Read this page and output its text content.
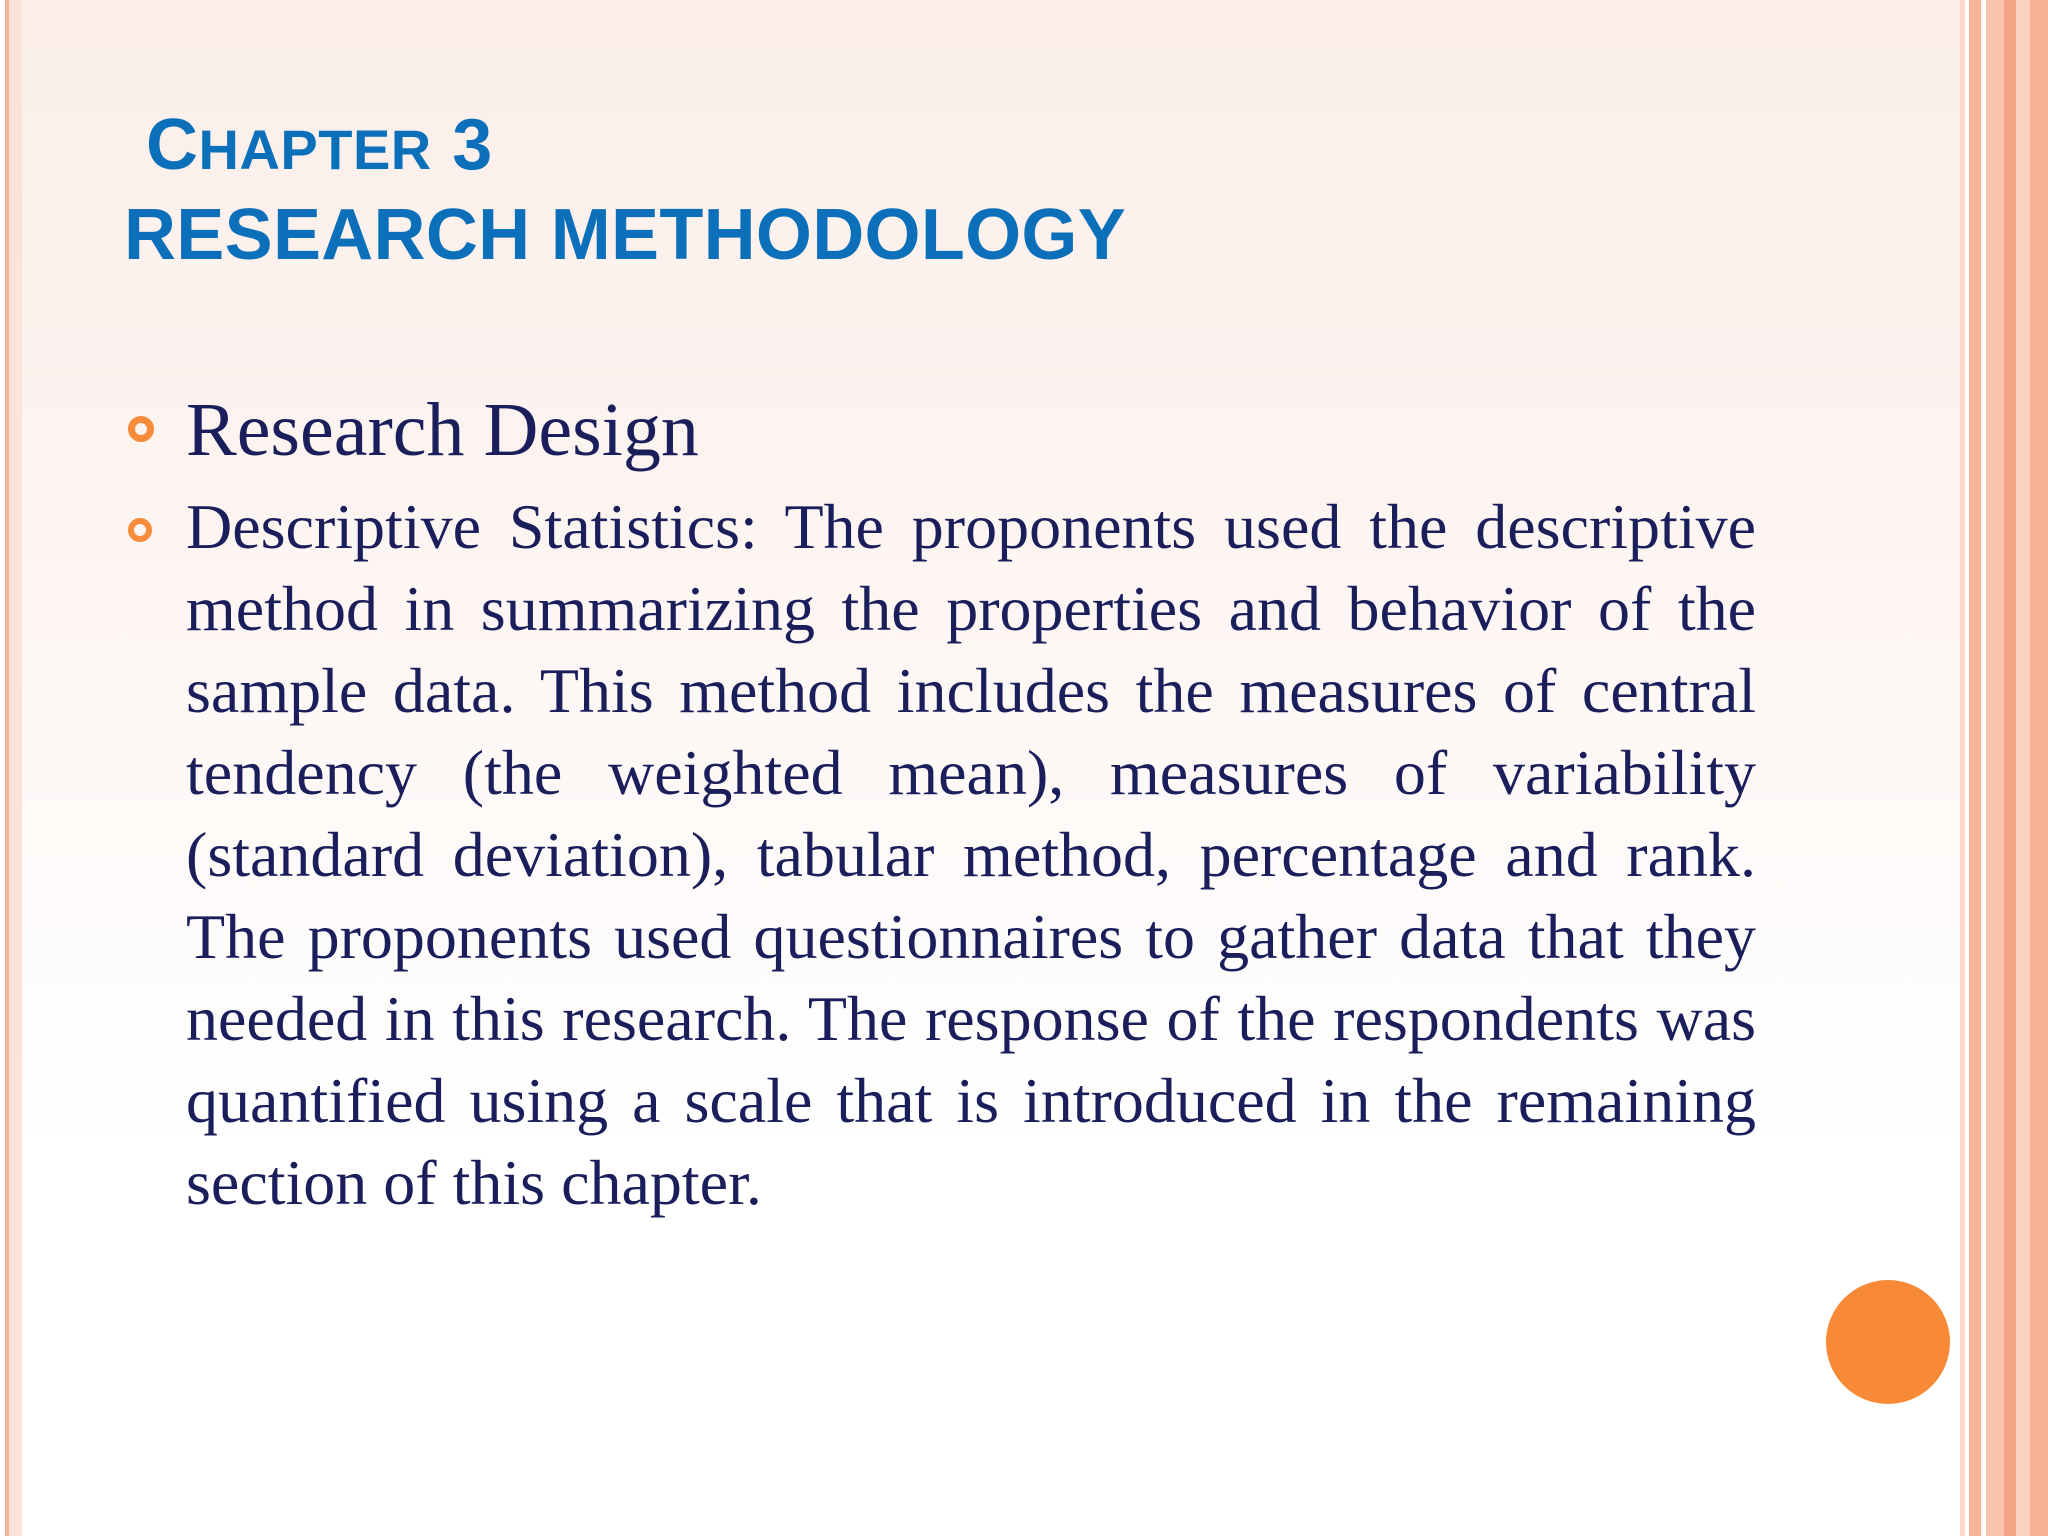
CHAPTER 3
RESEARCH METHODOLOGY
Research Design
Descriptive Statistics: The proponents used the descriptive method in summarizing the properties and behavior of the sample data. This method includes the measures of central tendency (the weighted mean), measures of variability (standard deviation), tabular method, percentage and rank. The proponents used questionnaires to gather data that they needed in this research. The response of the respondents was quantified using a scale that is introduced in the remaining section of this chapter.
